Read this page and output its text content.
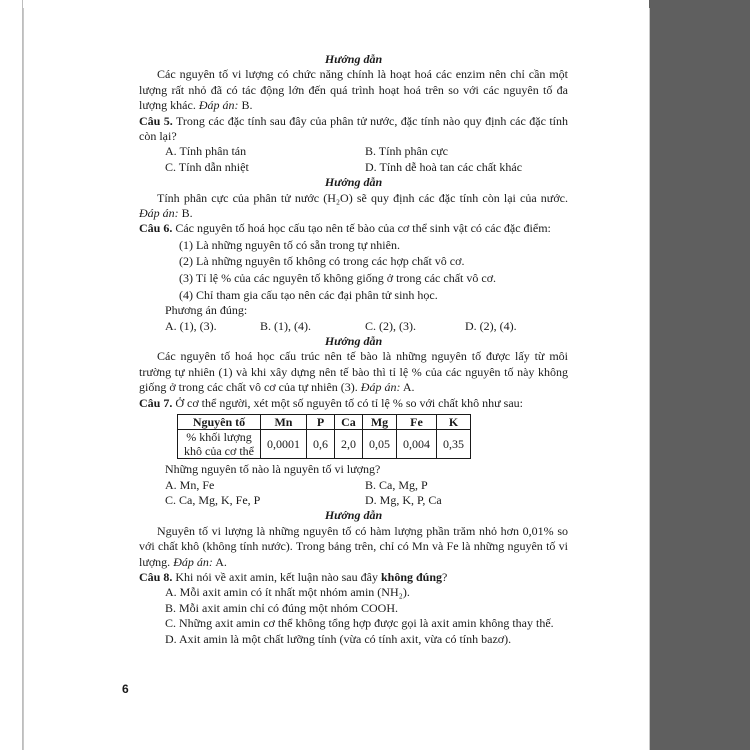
Hướng dẫn
Các nguyên tố vi lượng có chức năng chính là hoạt hoá các enzim nên chỉ cần một lượng rất nhỏ đã có tác động lớn đến quá trình hoạt hoá trên so với các nguyên tố đa lượng khác. Đáp án: B.
Câu 5. Trong các đặc tính sau đây của phân tử nước, đặc tính nào quy định các đặc tính còn lại?
A. Tính phân tán	B. Tính phân cực
C. Tính dẫn nhiệt	D. Tính dễ hoà tan các chất khác
Hướng dẫn
Tính phân cực của phân tử nước (H₂O) sẽ quy định các đặc tính còn lại của nước. Đáp án: B.
Câu 6. Các nguyên tố hoá học cấu tạo nên tế bào của cơ thể sinh vật có các đặc điểm:
(1) Là những nguyên tố có sẵn trong tự nhiên.
(2) Là những nguyên tố không có trong các hợp chất vô cơ.
(3) Tỉ lệ % của các nguyên tố không giống ở trong các chất vô cơ.
(4) Chỉ tham gia cấu tạo nên các đại phân tử sinh học.
Phương án đúng:
A. (1), (3).	B. (1), (4).	C. (2), (3).	D. (2), (4).
Hướng dẫn
Các nguyên tố hoá học cấu trúc nên tế bào là những nguyên tố được lấy từ môi trường tự nhiên (1) và khi xây dựng nên tế bào thì tỉ lệ % của các nguyên tố này không giống ở trong các chất vô cơ của tự nhiên (3). Đáp án: A.
Câu 7. Ở cơ thể người, xét một số nguyên tố có tỉ lệ % so với chất khô như sau:
Nguyên tố	Mn	P	Ca	Mg	Fe	K

% khối lượng
khô của cơ thể	0,0001	0,6	2,0	0,05	0,004	0,35
Những nguyên tố nào là nguyên tố vi lượng?
A. Mn, Fe	B. Ca, Mg, P
C. Ca, Mg, K, Fe, P	D. Mg, K, P, Ca
Hướng dẫn
Nguyên tố vi lượng là những nguyên tố có hàm lượng phần trăm nhỏ hơn 0,01% so với chất khô (không tính nước). Trong bảng trên, chỉ có Mn và Fe là những nguyên tố vi lượng. Đáp án: A.
Câu 8. Khi nói về axit amin, kết luận nào sau đây không đúng?
A. Mỗi axit amin có ít nhất một nhóm amin (NH₂).
B. Mỗi axit amin chỉ có đúng một nhóm COOH.
C. Những axit amin cơ thể không tổng hợp được gọi là axit amin không thay thế.
D. Axit amin là một chất lưỡng tính (vừa có tính axit, vừa có tính bazơ).
6
